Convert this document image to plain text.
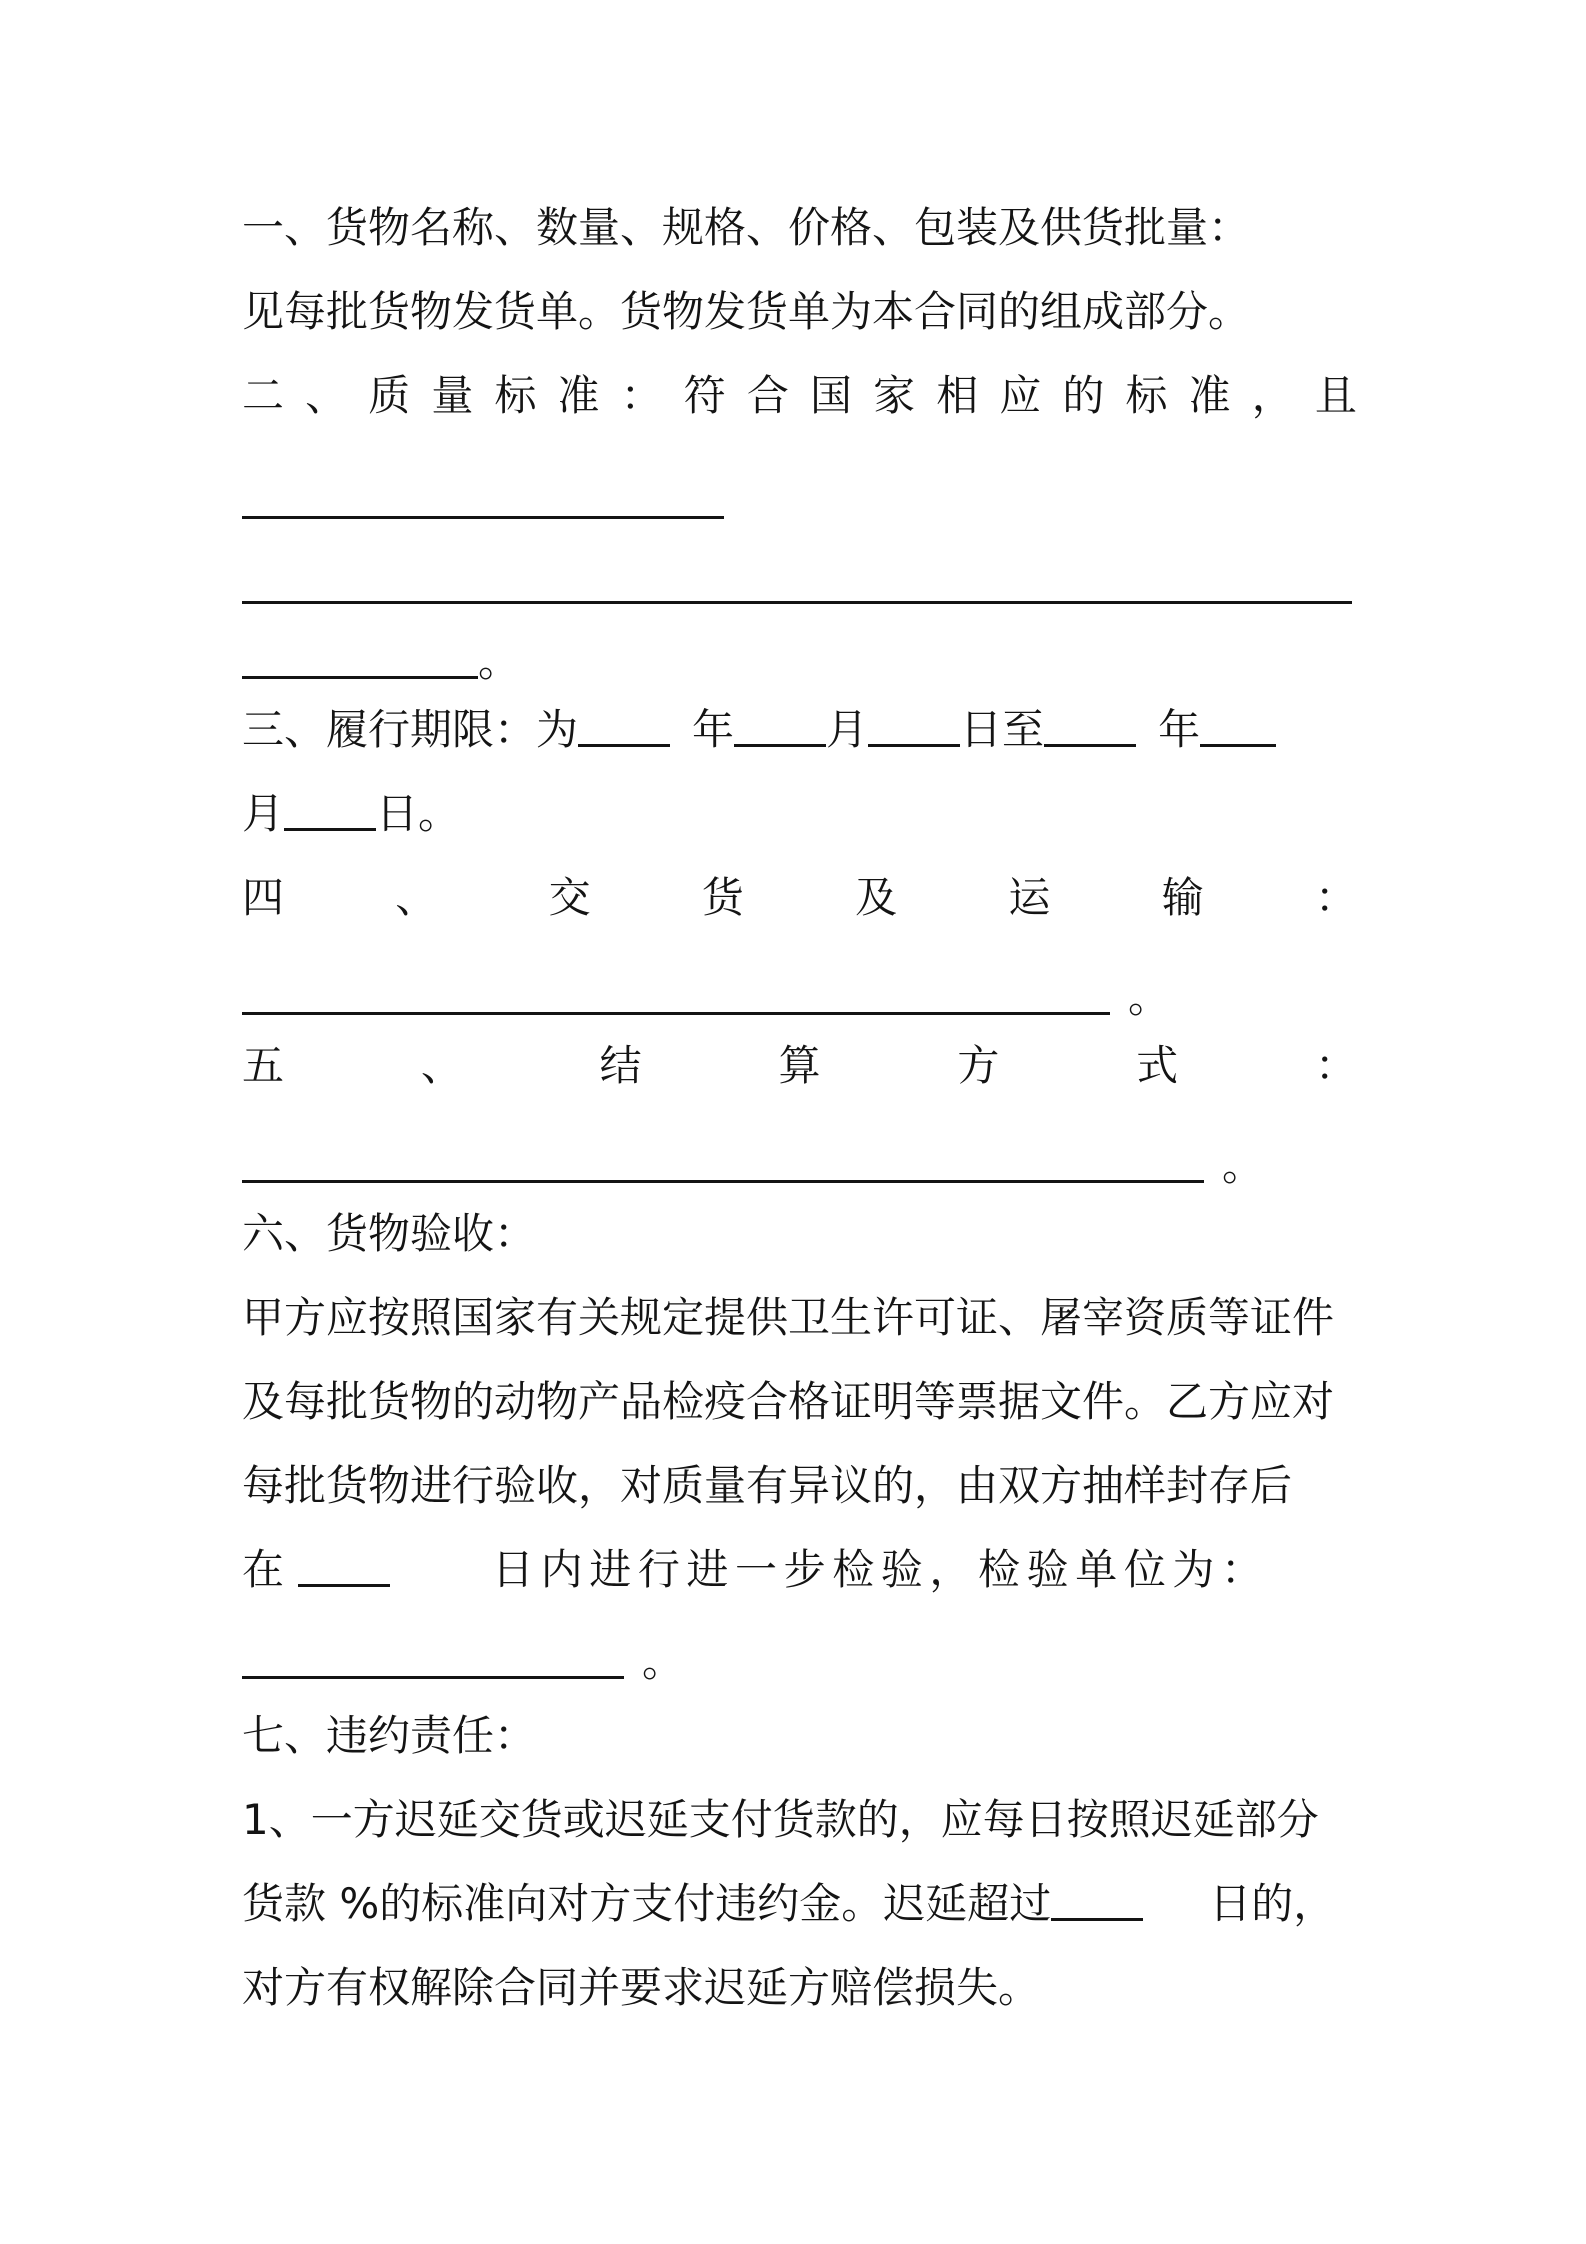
一、货物名称、数量、规格、价格、包装及供货批量：
见每批货物发货单。货物发货单为本合同的组成部分。
二 、 质 量 标 准 ： 符 合 国 家 相 应 的 标 准 ， 且
。
三、履行期限：为	年 月 日至	年
月 日。
四	、	交	货	及	运	输	：
。
五	、	结	算	方	式	：
。
六、货物验收：
甲方应按照国家有关规定提供卫生许可证、屠宰资质等证件
及每批货物的动物产品检疫合格证明等票据文件。乙方应对
每批货物进行验收，对质量有异议的，由双方抽样封存后
在	日内进行进一步检验，检验单位为：
。
七、违约责任：
1、一方迟延交货或迟延支付货款的，应每日按照迟延部分
货款 %的标准向对方支付违约金。迟延超过	日的，
对方有权解除合同并要求迟延方赔偿损失。
